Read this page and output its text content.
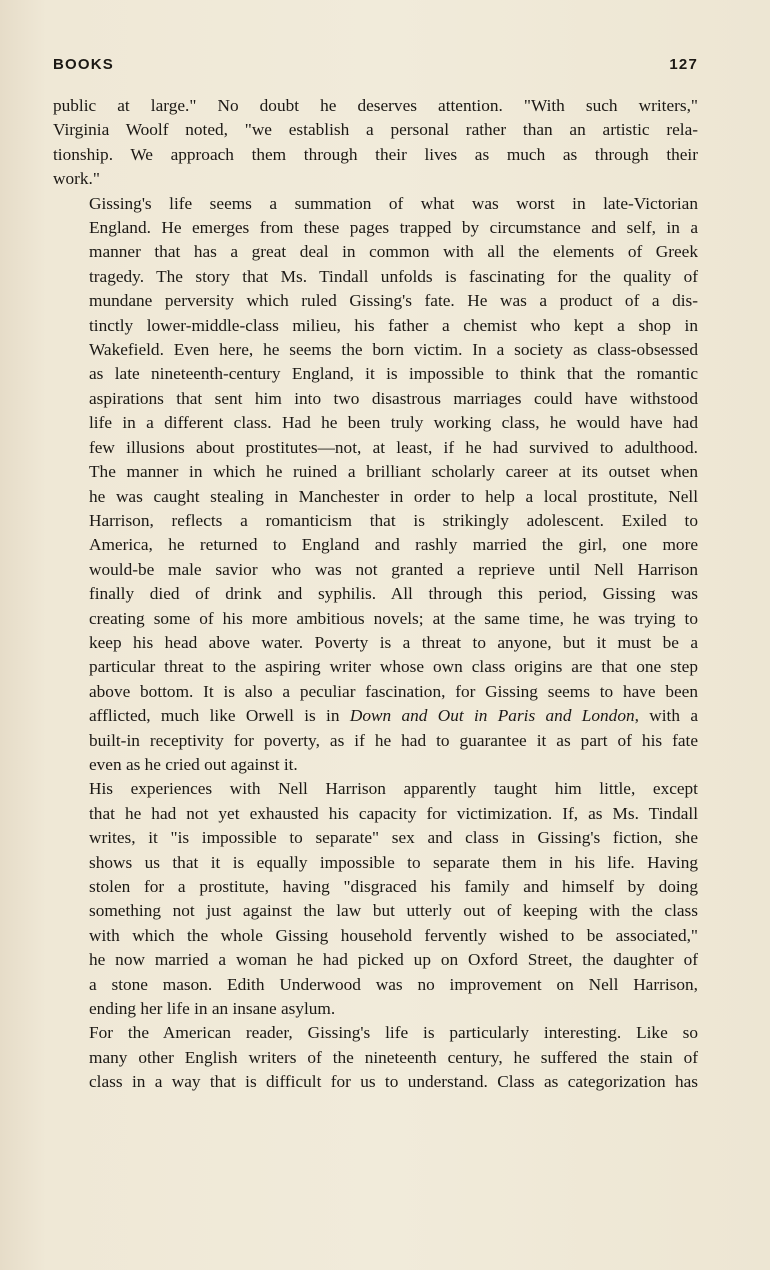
BOOKS	127

public at large." No doubt he deserves attention. "With such writers,"
Virginia Woolf noted, "we establish a personal rather than an artistic rela-
tionship. We approach them through their lives as much as through their
work."

Gissing's life seems a summation of what was worst in late-Victorian
England. He emerges from these pages trapped by circumstance and self, in a
manner that has a great deal in common with all the elements of Greek
tragedy. The story that Ms. Tindall unfolds is fascinating for the quality of
mundane perversity which ruled Gissing's fate. He was a product of a dis-
tinctly lower-middle-class milieu, his father a chemist who kept a shop in
Wakefield. Even here, he seems the born victim. In a society as class-obsessed
as late nineteenth-century England, it is impossible to think that the romantic
aspirations that sent him into two disastrous marriages could have withstood
life in a different class. Had he been truly working class, he would have had
few illusions about prostitutes—not, at least, if he had survived to adulthood.
The manner in which he ruined a brilliant scholarly career at its outset when
he was caught stealing in Manchester in order to help a local prostitute, Nell
Harrison, reflects a romanticism that is strikingly adolescent. Exiled to
America, he returned to England and rashly married the girl, one more
would-be male savior who was not granted a reprieve until Nell Harrison
finally died of drink and syphilis. All through this period, Gissing was
creating some of his more ambitious novels; at the same time, he was trying to
keep his head above water. Poverty is a threat to anyone, but it must be a
particular threat to the aspiring writer whose own class origins are that one step
above bottom. It is also a peculiar fascination, for Gissing seems to have been
afflicted, much like Orwell is in Down and Out in Paris and London, with a
built-in receptivity for poverty, as if he had to guarantee it as part of his fate
even as he cried out against it.

His experiences with Nell Harrison apparently taught him little, except
that he had not yet exhausted his capacity for victimization. If, as Ms. Tindall
writes, it "is impossible to separate" sex and class in Gissing's fiction, she
shows us that it is equally impossible to separate them in his life. Having
stolen for a prostitute, having "disgraced his family and himself by doing
something not just against the law but utterly out of keeping with the class
with which the whole Gissing household fervently wished to be associated,"
he now married a woman he had picked up on Oxford Street, the daughter of
a stone mason. Edith Underwood was no improvement on Nell Harrison,
ending her life in an insane asylum.

For the American reader, Gissing's life is particularly interesting. Like so
many other English writers of the nineteenth century, he suffered the stain of
class in a way that is difficult for us to understand. Class as categorization has
